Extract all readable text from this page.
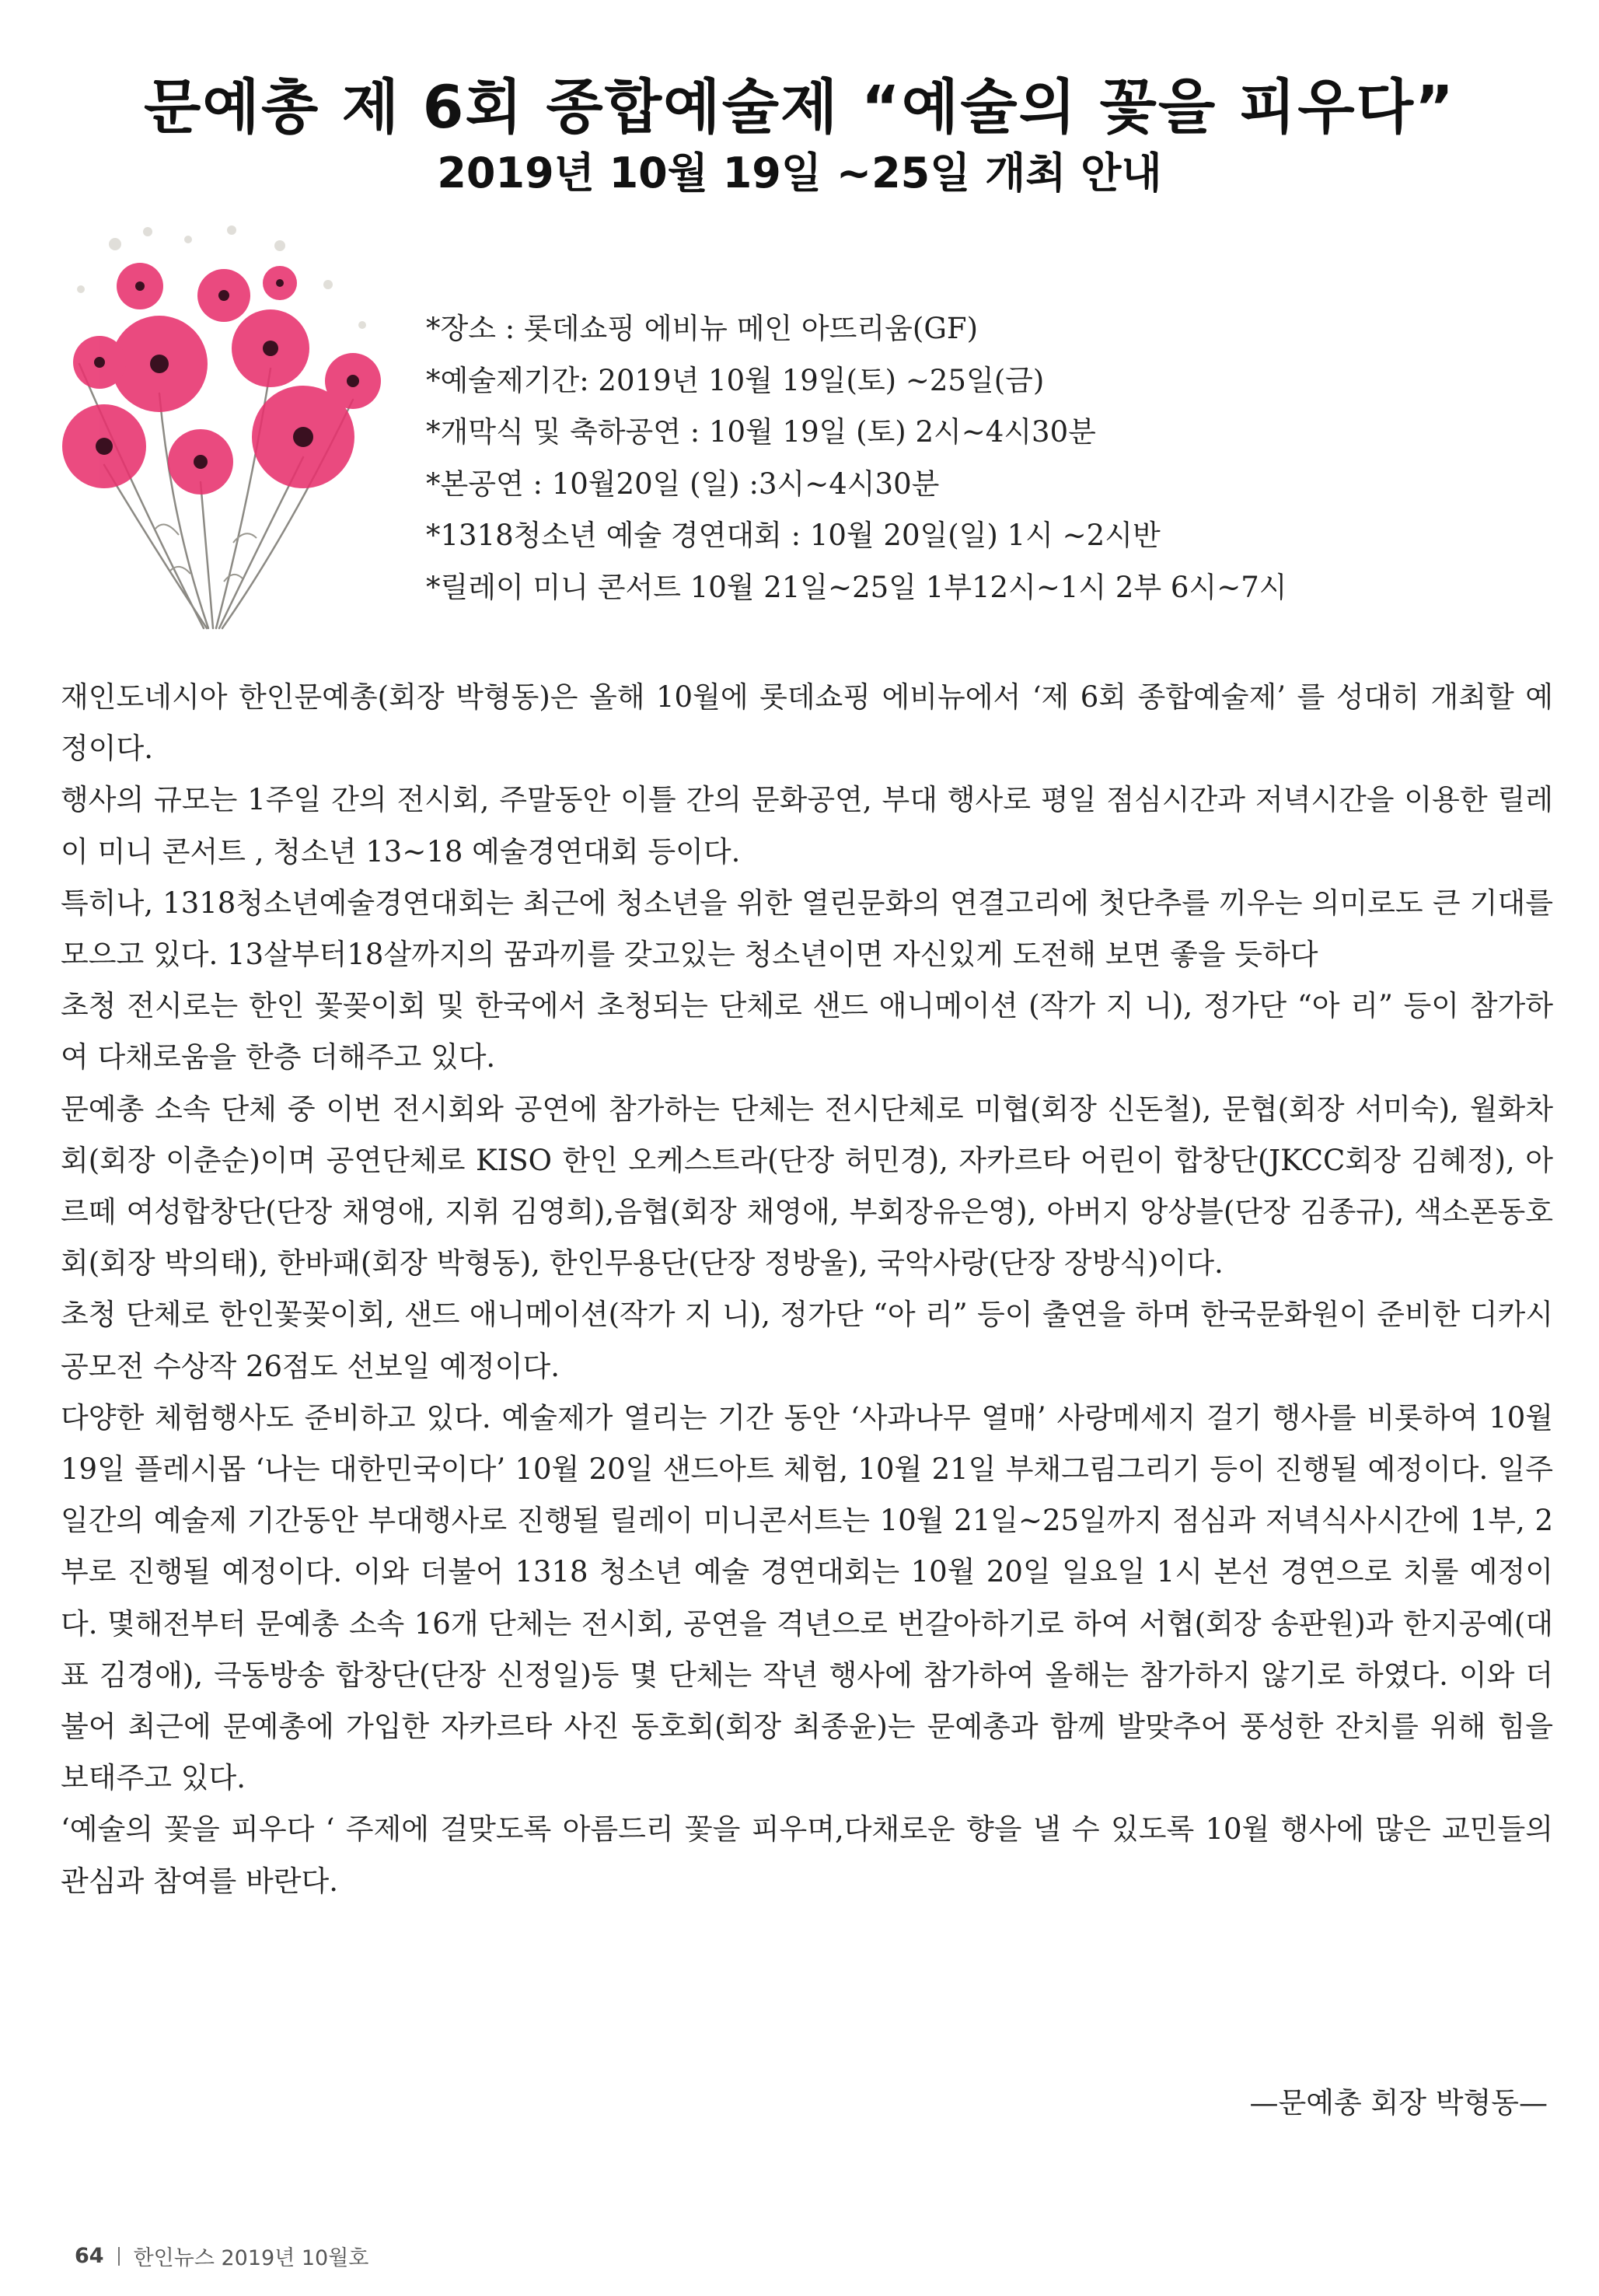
문예총 제 6회 종합예술제 “예술의 꽃을 피우다”
2019년 10월 19일 ~25일 개최 안내
*장소 : 롯데쇼핑 에비뉴 메인 아뜨리움(GF)
*예술제기간: 2019년 10월 19일(토) ~25일(금)
*개막식 및 축하공연 : 10월 19일 (토) 2시~4시30분
*본공연 : 10월20일 (일) :3시~4시30분
*1318청소년 예술 경연대회 : 10월 20일(일) 1시 ~2시반
*릴레이 미니 콘서트 10월 21일~25일 1부12시~1시 2부 6시~7시

재인도네시아 한인문예총(회장 박형동)은 올해 10월에 롯데쇼핑 에비뉴에서 ‘제 6회 종합예술제’ 를 성대히 개최할 예정이다.

행사의 규모는 1주일 간의 전시회, 주말동안 이틀 간의 문화공연, 부대 행사로 평일 점심시간과 저녁시간을 이용한 릴레이 미니 콘서트 , 청소년 13~18 예술경연대회 등이다.

특히나, 1318청소년예술경연대회는 최근에 청소년을 위한 열린문화의 연결고리에 첫단추를 끼우는 의미로도 큰 기대를 모으고 있다. 13살부터18살까지의 꿈과끼를 갖고있는 청소년이면 자신있게 도전해 보면 좋을 듯하다

초청 전시로는 한인 꽃꽂이회 및 한국에서 초청되는 단체로 샌드 애니메이션 (작가 지 니), 정가단 “아 리” 등이 참가하여 다채로움을 한층 더해주고 있다.

문예총 소속 단체 중 이번 전시회와 공연에 참가하는 단체는 전시단체로 미협(회장 신돈철), 문협(회장 서미숙), 월화차회(회장 이춘순)이며 공연단체로 KISO 한인 오케스트라(단장 허민경), 자카르타 어린이 합창단(JKCC회장 김혜정), 아르떼 여성합창단(단장 채영애, 지휘 김영희),음협(회장 채영애, 부회장유은영), 아버지 앙상블(단장 김종규), 색소폰동호회(회장 박의태), 한바패(회장 박형동), 한인무용단(단장 정방울), 국악사랑(단장 장방식)이다.

초청 단체로 한인꽃꽂이회, 샌드 애니메이션(작가 지 니), 정가단 “아 리” 등이 출연을 하며 한국문화원이 준비한 디카시 공모전 수상작 26점도 선보일 예정이다.

다양한 체험행사도 준비하고 있다. 예술제가 열리는 기간 동안 ‘사과나무 열매’ 사랑메세지 걸기 행사를 비롯하여 10월 19일 플레시몹 ‘나는 대한민국이다’ 10월 20일 샌드아트 체험, 10월 21일 부채그림그리기 등이 진행될 예정이다. 일주일간의 예술제 기간동안 부대행사로 진행될 릴레이 미니콘서트는 10월 21일~25일까지 점심과 저녁식사시간에 1부, 2부로 진행될 예정이다. 이와 더불어 1318 청소년 예술 경연대회는 10월 20일 일요일 1시 본선 경연으로 치룰 예정이다. 몇해전부터 문예총 소속 16개 단체는 전시회, 공연을 격년으로 번갈아하기로 하여 서협(회장 송판원)과 한지공예(대표 김경애), 극동방송 합창단(단장 신정일)등 몇 단체는 작년 행사에 참가하여 올해는 참가하지 않기로 하였다. 이와 더불어 최근에 문예총에 가입한 자카르타 사진 동호회(회장 최종윤)는 문예총과 함께 발맞추어 풍성한 잔치를 위해 힘을 보태주고 있다.

‘예술의 꽃을 피우다 ‘ 주제에 걸맞도록 아름드리 꽃을 피우며,다채로운 향을 낼 수 있도록 10월 행사에 많은 교민들의 관심과 참여를 바란다.

—문예총 회장 박형동—
64 한인뉴스 2019년 10월호
